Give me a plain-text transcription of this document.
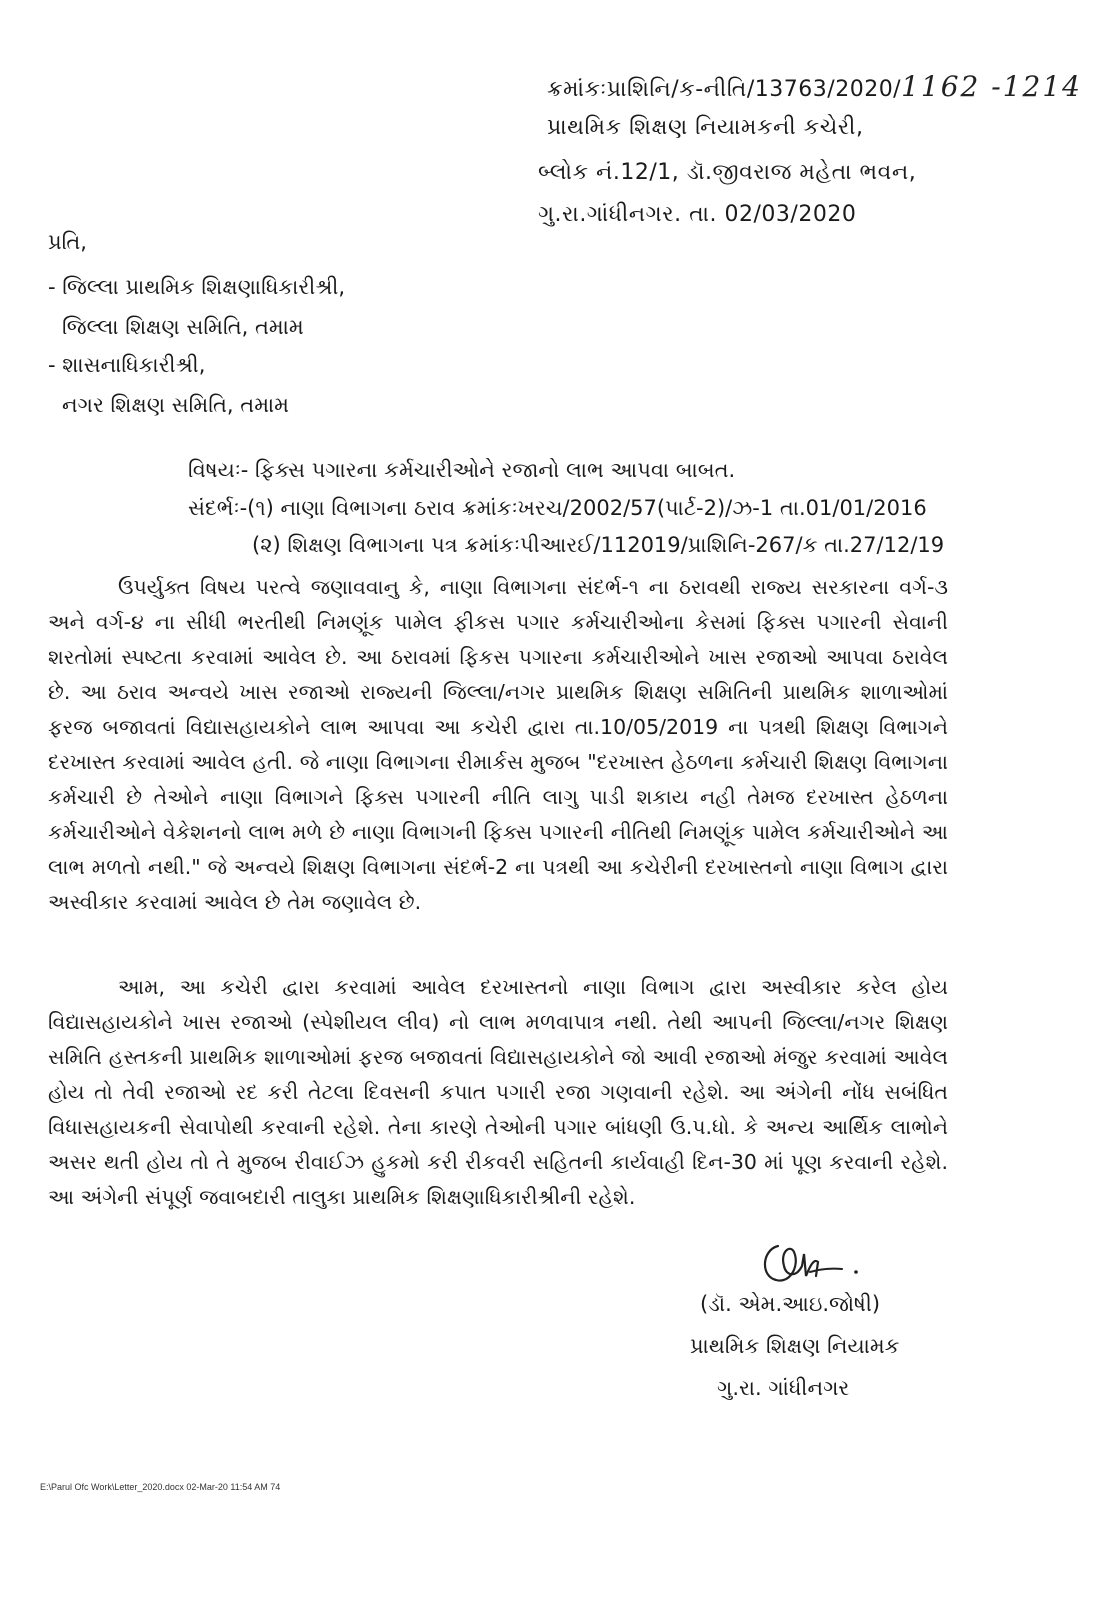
ક્રમાંકઃપ્રાશિનિ/ક-નીતિ/13763/2020/1162 -1214
પ્રાથમિક શિક્ષણ નિયામકની કચેરી,
બ્લોક નં.12/1, ડૉ.જીવરાજ મહેતા ભવન,
ગુ.રા.ગાંધીનગર. તા. 02/03/2020
પ્રતિ,
- જિલ્લા પ્રાથમિક શિક્ષણાધિકારીશ્રી,
જિલ્લા શિક્ષણ સમિતિ, તમામ
- શાસનાધિકારીશ્રી,
નગર શિક્ષણ સમિતિ, તમામ
વિષયઃ- ફિક્સ પગારના કર્મચારીઓને રજાનો લાભ આપવા બાબત.
સંદર્ભઃ-(૧) નાણા વિભાગના ઠરાવ ક્રમાંકઃખરચ/2002/57(પાર્ટ-2)/ઝ-1 તા.01/01/2016
(૨) શિક્ષણ વિભાગના પત્ર ક્રમાંકઃપીઆરઈ/112019/પ્રાશિનિ-267/ક તા.27/12/19

ઉપર્યુક્ત વિષય પરત્વે જણાવવાનુ કે, નાણા વિભાગના સંદર્ભ-૧ ના ઠરાવથી રાજ્ય સરકારના વર્ગ-૩ અને વર્ગ-૪ ના સીધી ભરતીથી નિમણૂંક પામેલ ફીકસ પગાર કર્મચારીઓના કેસમાં ફિક્સ પગારની સેવાની શરતોમાં સ્પષ્ટતા કરવામાં આવેલ છે. આ ઠરાવમાં ફિકસ પગારના કર્મચારીઓને ખાસ રજાઓ આપવા ઠરાવેલ છે. આ ઠરાવ અન્વયે ખાસ રજાઓ રાજ્યની જિલ્લા/નગર પ્રાથમિક શિક્ષણ સમિતિની પ્રાથમિક શાળાઓમાં ફરજ બજાવતાં વિદ્યાસહાયકોને લાભ આપવા આ કચેરી દ્વારા તા.10/05/2019 ના પત્રથી શિક્ષણ વિભાગને દરખાસ્ત કરવામાં આવેલ હતી. જે નાણા વિભાગના રીમાર્કસ મુજબ "દરખાસ્ત હેઠળના કર્મચારી શિક્ષણ વિભાગના કર્મચારી છે તેઓને નાણા વિભાગને ફિક્સ પગારની નીતિ લાગુ પાડી શકાય નહી તેમજ દરખાસ્ત હેઠળના કર્મચારીઓને વેકેશનનો લાભ મળે છે નાણા વિભાગની ફિક્સ પગારની નીતિથી નિમણૂંક પામેલ કર્મચારીઓને આ લાભ મળતો નથી." જે અન્વયે શિક્ષણ વિભાગના સંદર્ભ-2 ના પત્રથી આ કચેરીની દરખાસ્તનો નાણા વિભાગ દ્વારા અસ્વીકાર કરવામાં આવેલ છે તેમ જણાવેલ છે.

આમ, આ કચેરી દ્વારા કરવામાં આવેલ દરખાસ્તનો નાણા વિભાગ દ્વારા અસ્વીકાર કરેલ હોય વિદ્યાસહાયકોને ખાસ રજાઓ (સ્પેશીયલ લીવ) નો લાભ મળવાપાત્ર નથી. તેથી આપની જિલ્લા/નગર શિક્ષણ સમિતિ હસ્તકની પ્રાથમિક શાળાઓમાં ફરજ બજાવતાં વિદ્યાસહાયકોને જો આવી રજાઓ મંજુર કરવામાં આવેલ હોય તો તેવી રજાઓ રદ કરી તેટલા દિવસની કપાત પગારી રજા ગણવાની રહેશે. આ અંગેની નોંધ સબંધિત વિધાસહાયકની સેવાપોથી કરવાની રહેશે. તેના કારણે તેઓની પગાર બાંધણી ઉ.પ.ધો. કે અન્ય આર્થિક લાભોને અસર થતી હોય તો તે મુજબ રીવાઈઝ હુકમો કરી રીકવરી સહિતની કાર્યવાહી દિન-30 માં પૂણ કરવાની રહેશે. આ અંગેની સંપૂર્ણ જવાબદારી તાલુકા પ્રાથમિક શિક્ષણાધિકારીશ્રીની રહેશે.

(ડૉ. એમ.આઇ.જોષી)
પ્રાથમિક શિક્ષણ નિયામક
ગુ.રા. ગાંધીનગર
E:\Parul Ofc Work\Letter_2020.docx 02-Mar-20 11:54 AM 74
